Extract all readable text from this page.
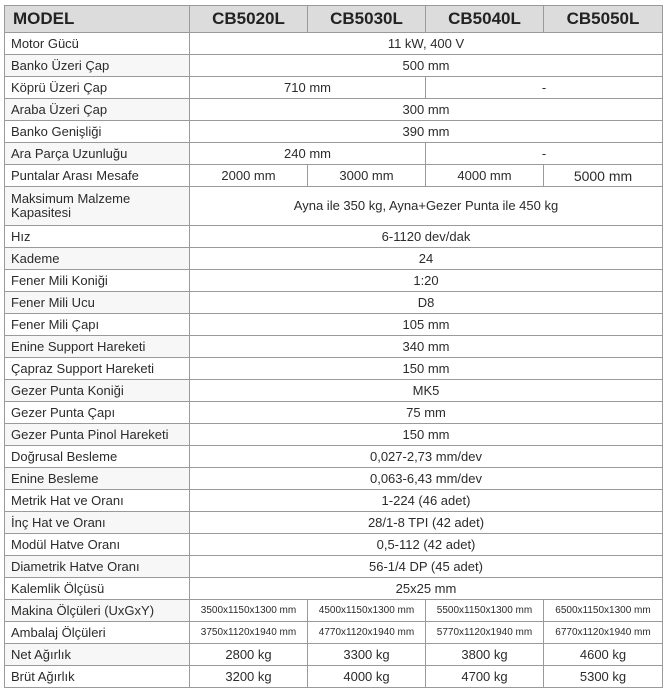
MODEL	CB5020L	CB5030L	CB5040L	CB5050L
Motor Gücü	11 kW, 400 V			
Banko Üzeri Çap	500 mm			
Köprü Üzeri Çap	710 mm		-	
Araba Üzeri Çap	300 mm			
Banko Genişliği	390 mm			
Ara Parça Uzunluğu	240 mm		-	
Puntalar Arası Mesafe	2000 mm	3000 mm	4000 mm	5000 mm
Maksimum Malzeme Kapasitesi	Ayna ile 350 kg, Ayna+Gezer Punta ile 450 kg			
Hız	6-1120 dev/dak			
Kademe	24			
Fener Mili Koniği	1:20			
Fener Mili Ucu	D8			
Fener Mili Çapı	105 mm			
Enine Support Hareketi	340 mm			
Çapraz Support Hareketi	150 mm			
Gezer Punta Koniği	MK5			
Gezer Punta Çapı	75 mm			
Gezer Punta Pinol Hareketi	150 mm			
Doğrusal Besleme	0,027-2,73 mm/dev			
Enine Besleme	0,063-6,43 mm/dev			
Metrik Hat ve Oranı	1-224 (46 adet)			
İnç Hat ve Oranı	28/1-8 TPI (42 adet)			
Modül Hatve Oranı	0,5-112 (42 adet)			
Diametrik Hatve Oranı	56-1/4 DP (45 adet)			
Kalemlik Ölçüsü	25x25 mm			
Makina Ölçüleri (UxGxY)	3500x1150x1300 mm	4500x1150x1300 mm	5500x1150x1300 mm	6500x1150x1300 mm
Ambalaj Ölçüleri	3750x1120x1940 mm	4770x1120x1940 mm	5770x1120x1940 mm	6770x1120x1940 mm
Net Ağırlık	2800 kg	3300 kg	3800 kg	4600 kg
Brüt Ağırlık	3200 kg	4000 kg	4700 kg	5300 kg
